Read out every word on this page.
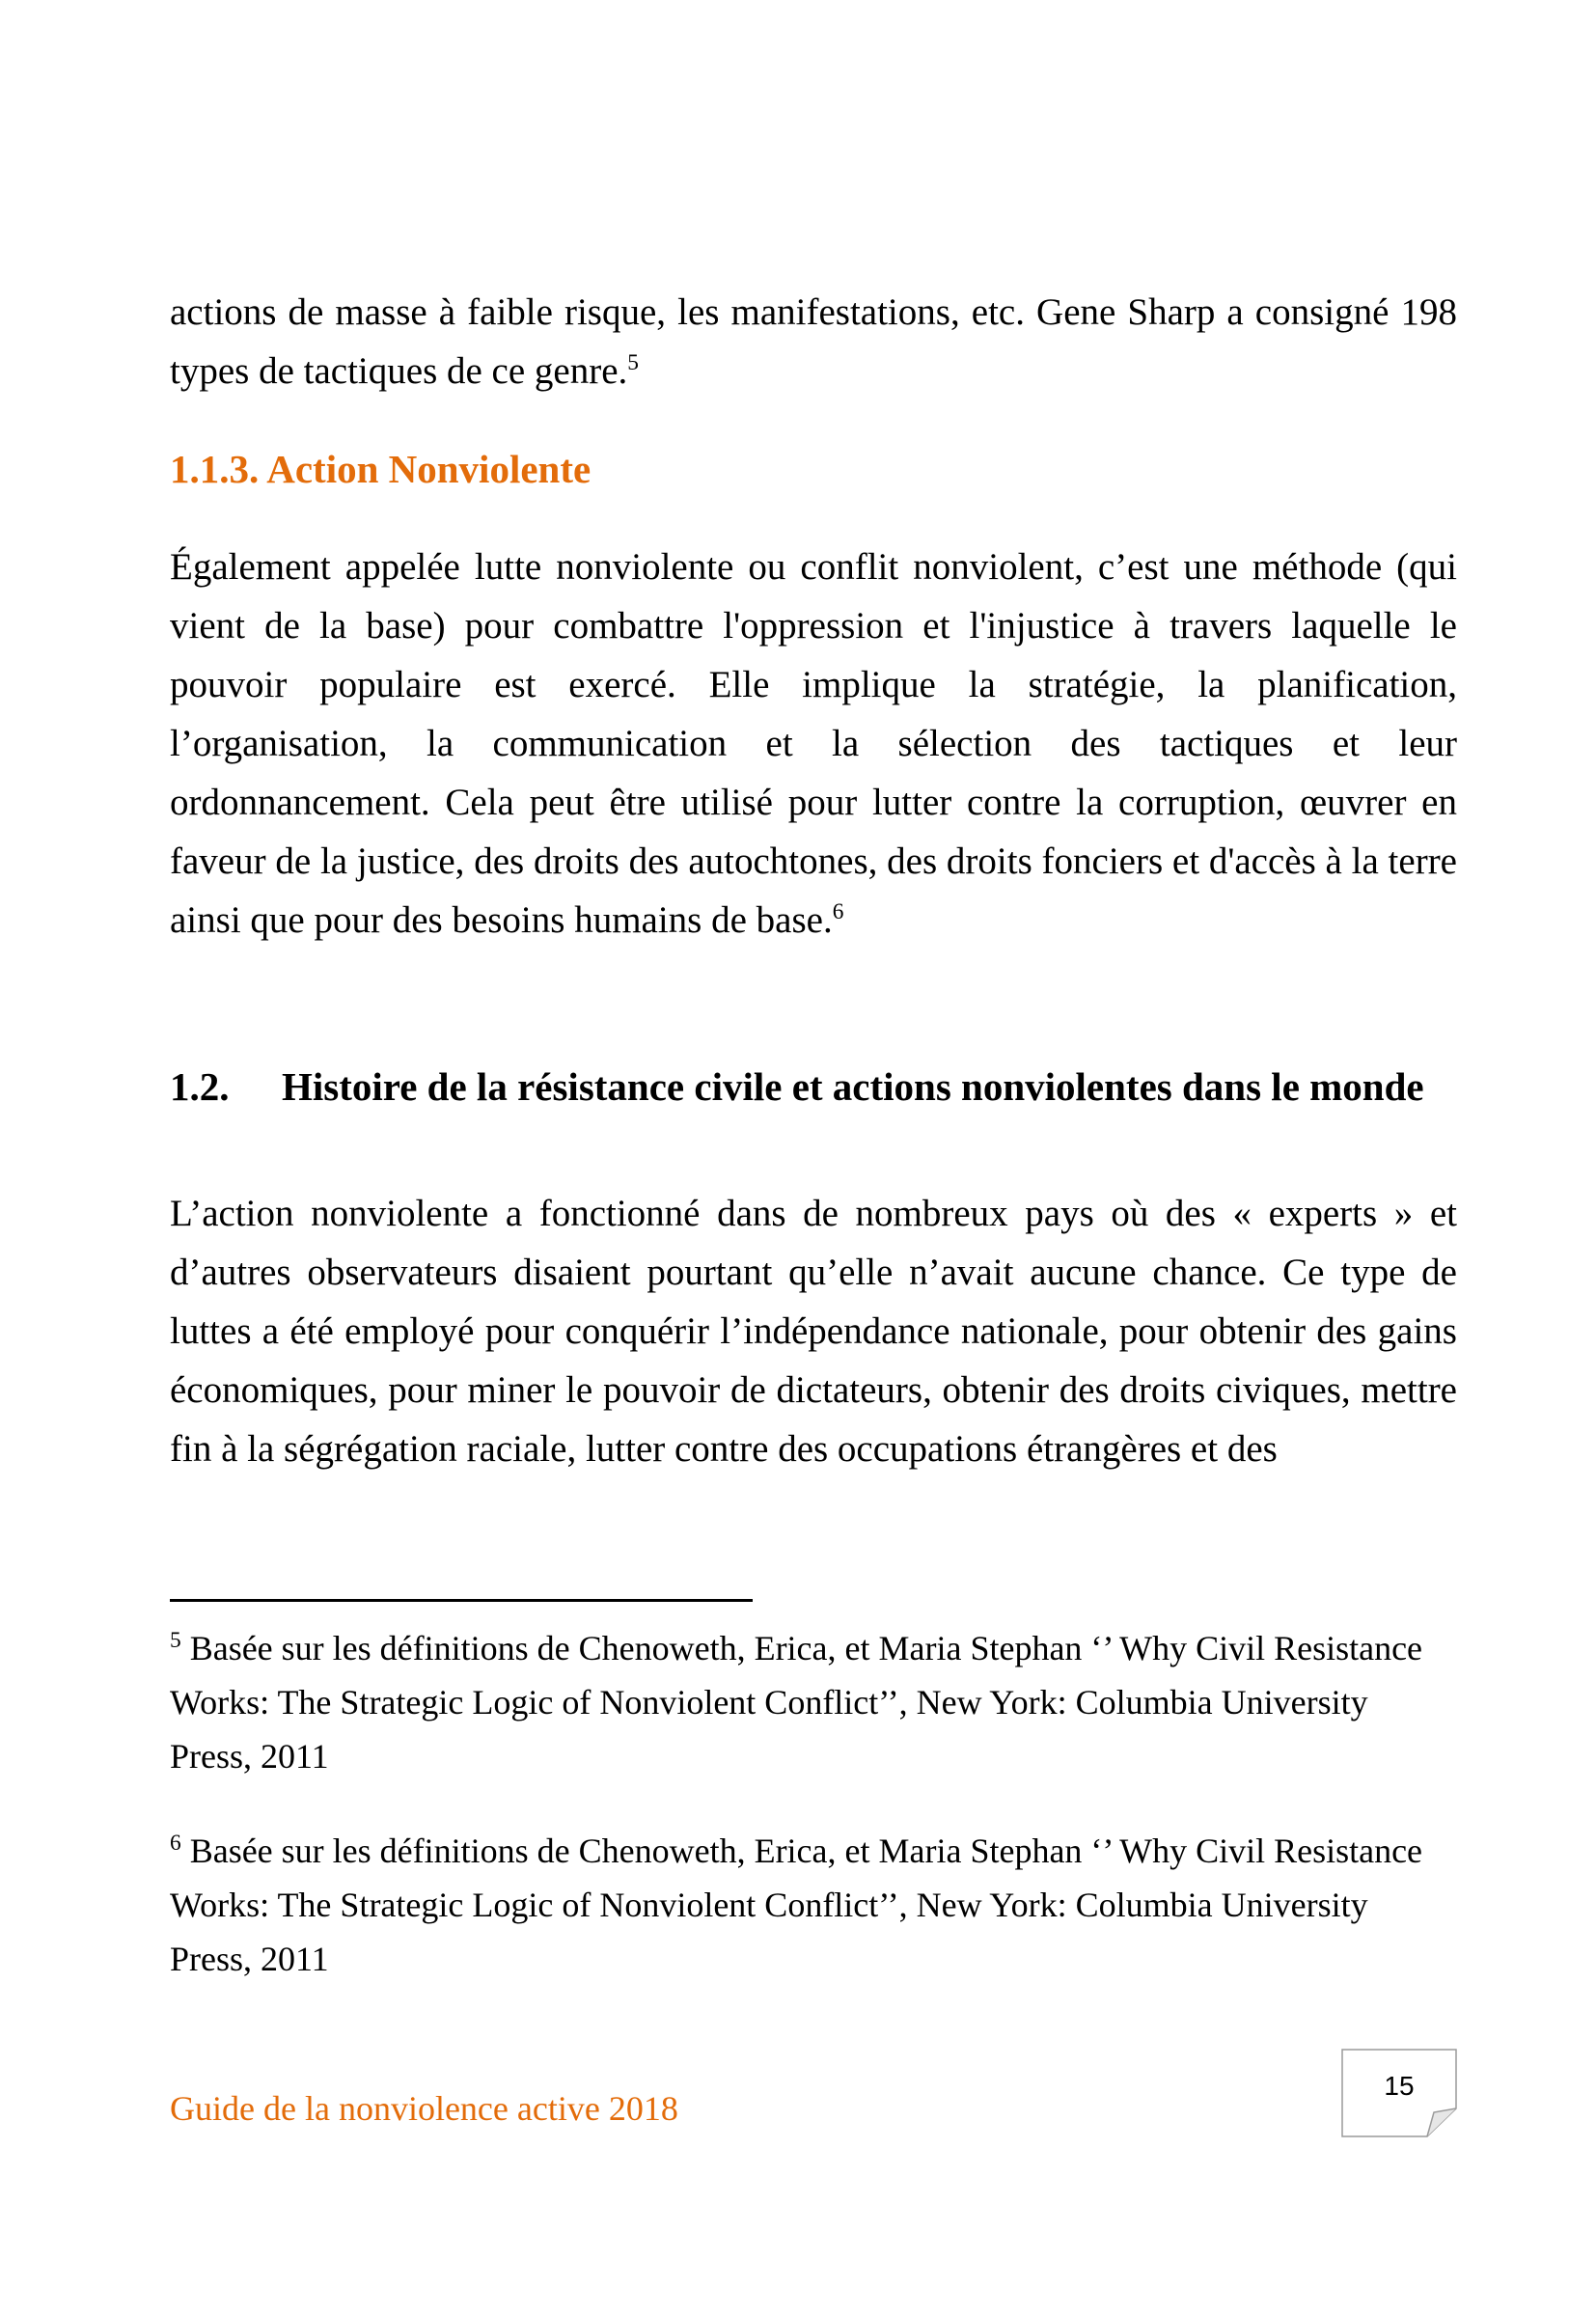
actions de masse à faible risque, les manifestations, etc. Gene Sharp a consigné 198 types de tactiques de ce genre.$^5$

1.1.3. Action Nonviolente

Également appelée lutte nonviolente ou conflit nonviolent, c’est une méthode (qui vient de la base) pour combattre l'oppression et l'injustice à travers laquelle le pouvoir populaire est exercé. Elle implique la stratégie, la planification, l’organisation, la communication et la sélection des tactiques et leur ordonnancement. Cela peut être utilisé pour lutter contre la corruption, œuvrer en faveur de la justice, des droits des autochtones, des droits fonciers et d'accès à la terre ainsi que pour des besoins humains de base.$^6$

1.2. Histoire de la résistance civile et actions nonviolentes dans le monde

L’action nonviolente a fonctionné dans de nombreux pays où des « experts » et d’autres observateurs disaient pourtant qu’elle n’avait aucune chance. Ce type de luttes a été employé pour conquérir l’indépendance nationale, pour obtenir des gains économiques, pour miner le pouvoir de dictateurs, obtenir des droits civiques, mettre fin à la ségrégation raciale, lutter contre des occupations étrangères et des

$^5$ Basée sur les définitions de Chenoweth, Erica, et Maria Stephan ‘’ Why Civil Resistance Works: The Strategic Logic of Nonviolent Conflict’’, New York: Columbia University Press, 2011

$^6$ Basée sur les définitions de Chenoweth, Erica, et Maria Stephan ‘’ Why Civil Resistance Works: The Strategic Logic of Nonviolent Conflict’’, New York: Columbia University Press, 2011

Guide de la nonviolence active 2018
15
